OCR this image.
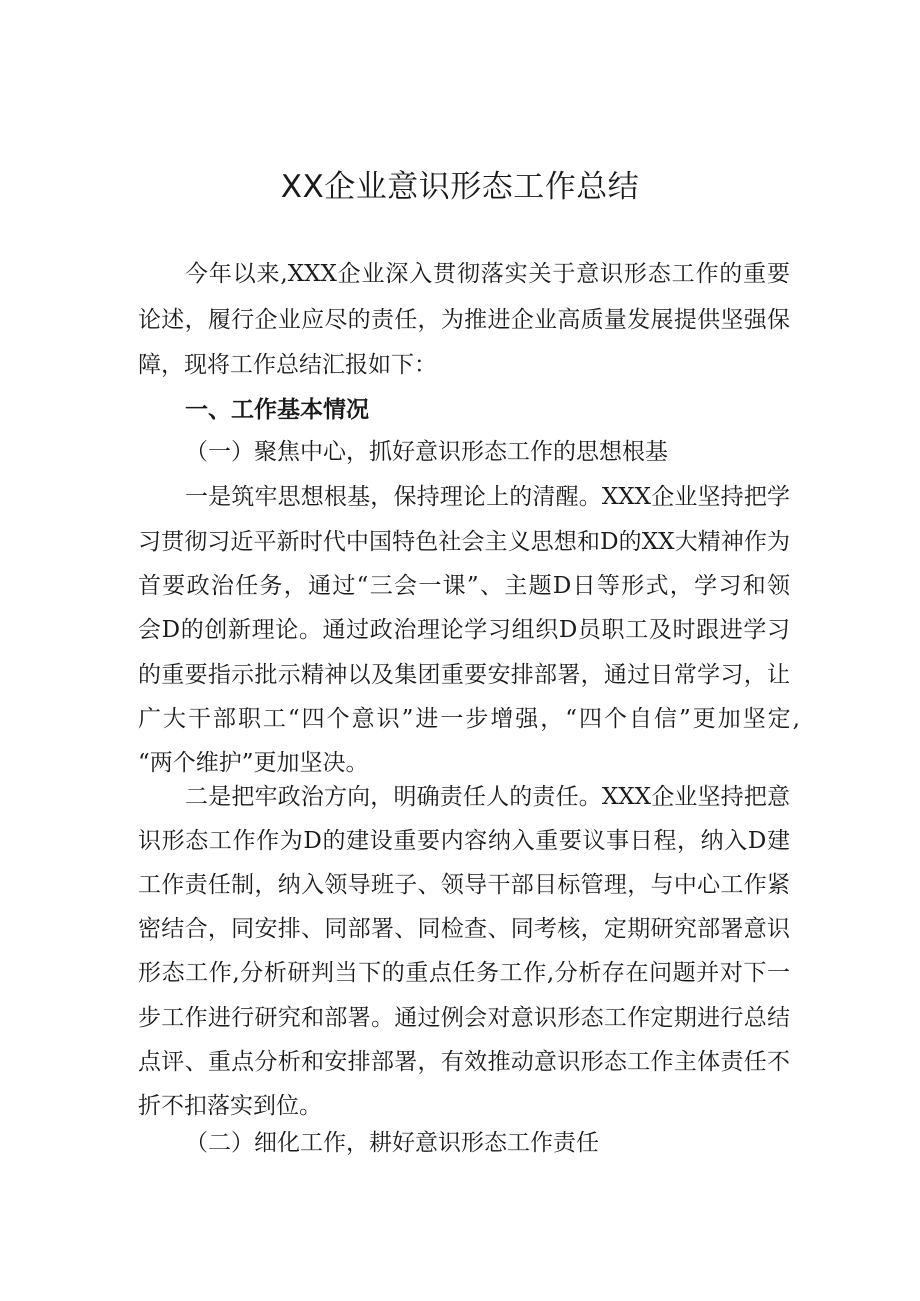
XX企业意识形态工作总结
今年以来,XXX企业深入贯彻落实关于意识形态工作的重要
论述，履行企业应尽的责任，为推进企业高质量发展提供坚强保
障，现将工作总结汇报如下：
一、工作基本情况
（一）聚焦中心，抓好意识形态工作的思想根基
一是筑牢思想根基，保持理论上的清醒。XXX企业坚持把学
习贯彻习近平新时代中国特色社会主义思想和D的XX大精神作为
首要政治任务，通过“三会一课”、主题D日等形式，学习和领
会D的创新理论。通过政治理论学习组织D员职工及时跟进学习
的重要指示批示精神以及集团重要安排部署，通过日常学习，让
广大干部职工“四个意识”进一步增强，“四个自信”更加坚定,
“两个维护”更加坚决。
二是把牢政治方向，明确责任人的责任。XXX企业坚持把意
识形态工作作为D的建设重要内容纳入重要议事日程，纳入D建
工作责任制，纳入领导班子、领导干部目标管理，与中心工作紧
密结合，同安排、同部署、同检查、同考核，定期研究部署意识
形态工作,分析研判当下的重点任务工作,分析存在问题并对下一
步工作进行研究和部署。通过例会对意识形态工作定期进行总结
点评、重点分析和安排部署，有效推动意识形态工作主体责任不
折不扣落实到位。
（二）细化工作，耕好意识形态工作责任
